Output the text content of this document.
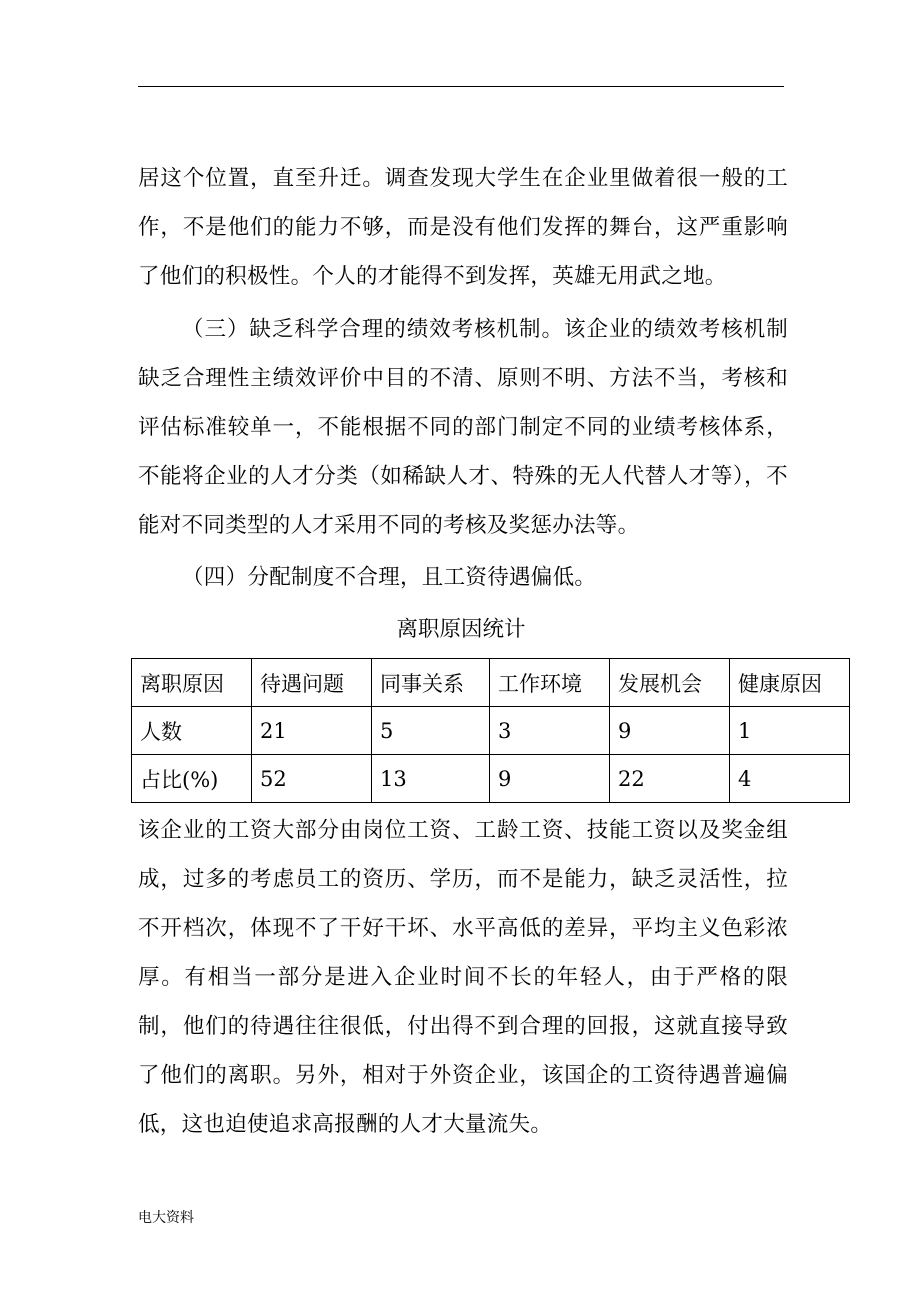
居这个位置，直至升迁。调查发现大学生在企业里做着很一般的工作，不是他们的能力不够，而是没有他们发挥的舞台，这严重影响了他们的积极性。个人的才能得不到发挥，英雄无用武之地。

（三）缺乏科学合理的绩效考核机制。该企业的绩效考核机制缺乏合理性主绩效评价中目的不清、原则不明、方法不当，考核和评估标准较单一，不能根据不同的部门制定不同的业绩考核体系，不能将企业的人才分类（如稀缺人才、特殊的无人代替人才等），不能对不同类型的人才采用不同的考核及奖惩办法等。

（四）分配制度不合理，且工资待遇偏低。

离职原因统计
离职原因	待遇问题	同事关系	工作环境	发展机会	健康原因
人数	21	5	3	9	1
占比(%)	52	13	9	22	4

该企业的工资大部分由岗位工资、工龄工资、技能工资以及奖金组成，过多的考虑员工的资历、学历，而不是能力，缺乏灵活性，拉不开档次，体现不了干好干坏、水平高低的差异，平均主义色彩浓厚。有相当一部分是进入企业时间不长的年轻人，由于严格的限制，他们的待遇往往很低，付出得不到合理的回报，这就直接导致了他们的离职。另外，相对于外资企业，该国企的工资待遇普遍偏低，这也迫使追求高报酬的人才大量流失。

电大资料
